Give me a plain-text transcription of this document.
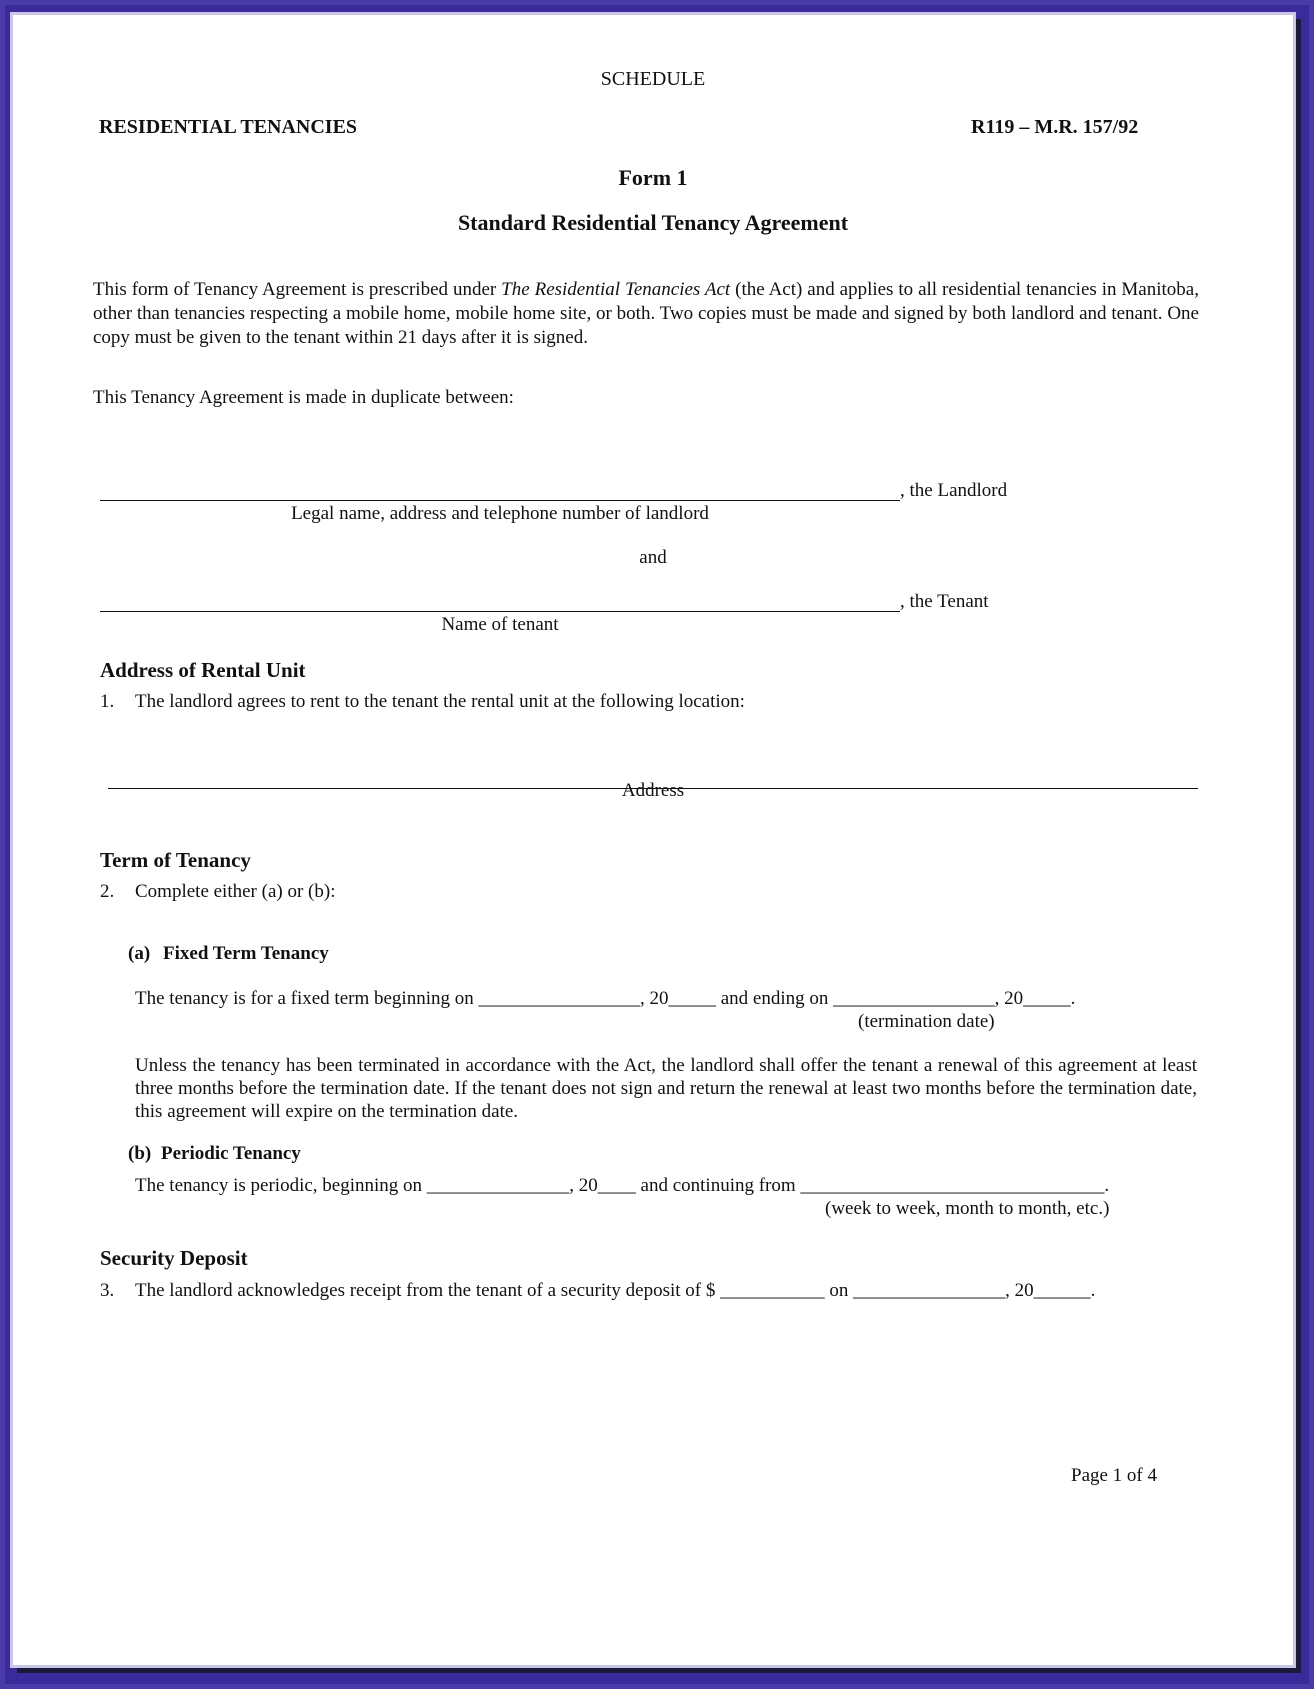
SCHEDULE
RESIDENTIAL TENANCIES	R119 – M.R. 157/92
Form 1
Standard Residential Tenancy Agreement
This form of Tenancy Agreement is prescribed under The Residential Tenancies Act (the Act) and applies to all residential tenancies in Manitoba, other than tenancies respecting a mobile home, mobile home site, or both. Two copies must be made and signed by both landlord and tenant. One copy must be given to the tenant within 21 days after it is signed.
This Tenancy Agreement is made in duplicate between:
, the Landlord
Legal name, address and telephone number of landlord
and
, the Tenant
Name of tenant
Address of Rental Unit
1. The landlord agrees to rent to the tenant the rental unit at the following location:
Address
Term of Tenancy
2. Complete either (a) or (b):
(a) Fixed Term Tenancy
The tenancy is for a fixed term beginning on _________________, 20_____ and ending on _________________, 20_____.
(termination date)
Unless the tenancy has been terminated in accordance with the Act, the landlord shall offer the tenant a renewal of this agreement at least three months before the termination date. If the tenant does not sign and return the renewal at least two months before the termination date, this agreement will expire on the termination date.
(b) Periodic Tenancy
The tenancy is periodic, beginning on _______________, 20____ and continuing from ________________________________.
(week to week, month to month, etc.)
Security Deposit
3. The landlord acknowledges receipt from the tenant of a security deposit of $ ___________ on ________________, 20______.
Page 1 of 4
